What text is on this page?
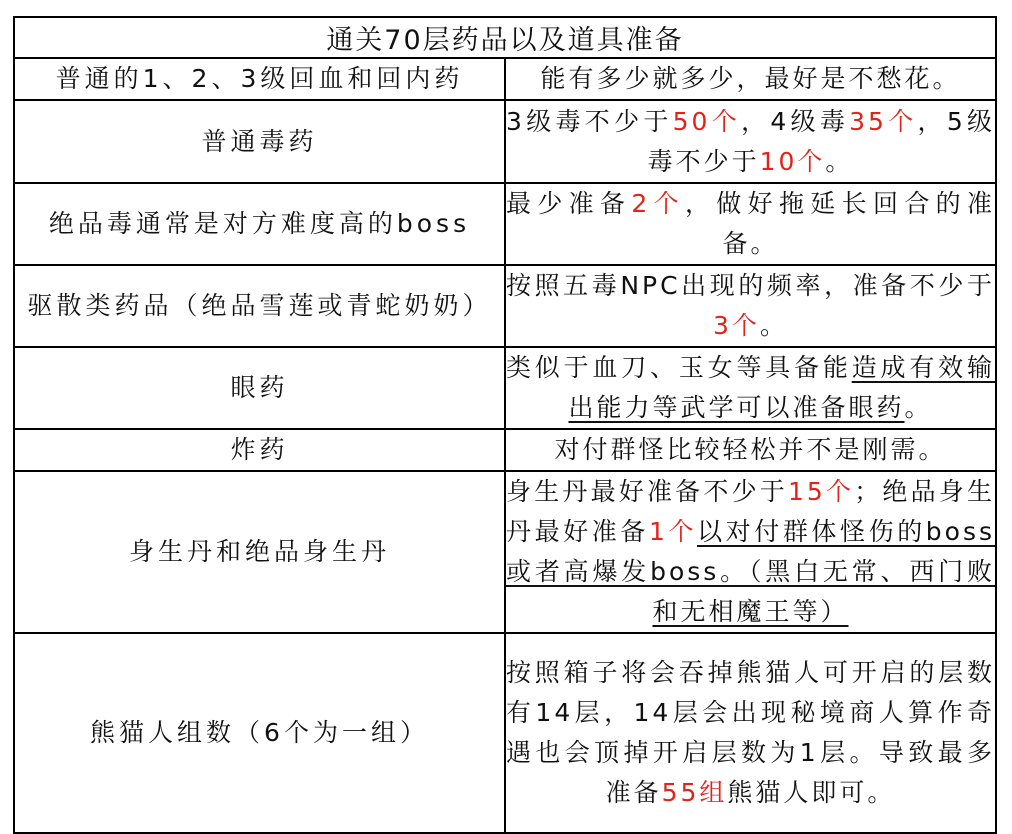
通关70层药品以及道具准备	
普通的1、2、3级回血和回内药	能有多少就多少，最好是不愁花。
普通毒药	3级毒不少于50个，4级毒35个，5级毒不少于10个。
绝品毒通常是对方难度高的boss	最少准备2个，做好拖延长回合的准备。
驱散类药品（绝品雪莲或青蛇奶奶）	按照五毒NPC出现的频率，准备不少于3个。
眼药	类似于血刀、玉女等具备能造成有效输出能力等武学可以准备眼药。
炸药	对付群怪比较轻松并不是刚需。
身生丹和绝品身生丹	身生丹最好准备不少于15个；绝品身生丹最好准备1个以对付群体怪伤的boss或者高爆发boss。（黑白无常、西门败和无相魔王等）
熊猫人组数（6个为一组）	按照箱子将会吞掉熊猫人可开启的层数有14层，14层会出现秘境商人算作奇遇也会顶掉开启层数为1层。导致最多准备55组熊猫人即可。
